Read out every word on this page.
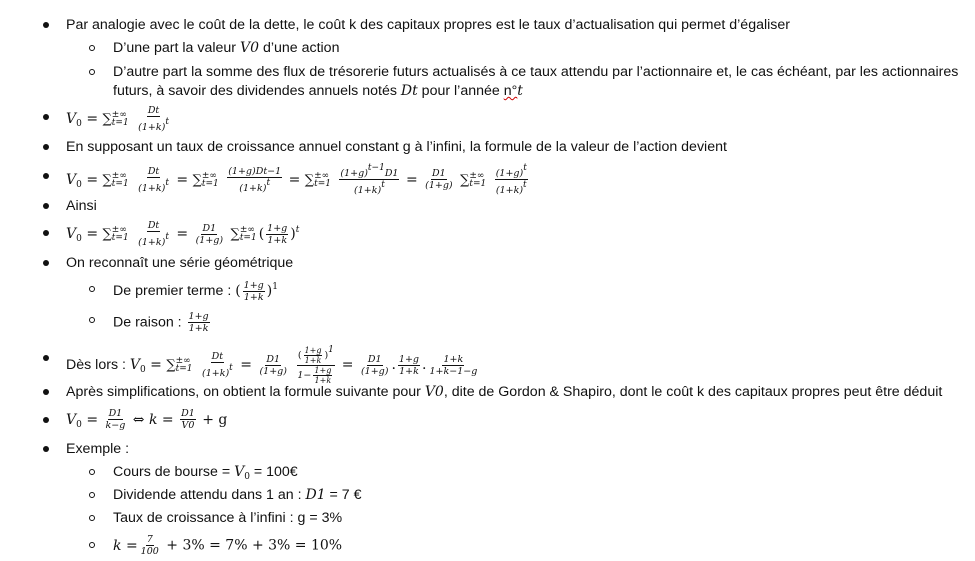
Par analogie avec le coût de la dette, le coût k des capitaux propres est le taux d’actualisation qui permet d’égaliser
D’une part la valeur V0 d’une action
D’autre part la somme des flux de trésorerie futurs actualisés à ce taux attendu par l’actionnaire et, le cas échéant, par les actionnaires
futurs, à savoir des dividendes annuels notés Dt pour l’année n°t
$V_0$ = ∑ ±∞
t=1
$\frac{Dt}{(1+k)t}$
En supposant un taux de croissance annuel constant g à l’infini, la formule de la valeur de l’action devient
$V_0$ = ∑ ±∞
t=1
$\frac{Dt}{(1+k)t}$ = ∑ ±∞
t=1
$\frac{(1+g)Dt-1}{(1+k)t}$ = ∑ ±∞
t=1
$\frac{(1+g)t-1D1}{(1+k)t} = \frac{D1}{(1+g)}$ ∑ ±∞
t=1
$\frac{(1+g)t}{(1+k)t}$
Ainsi
$V_0$ = ∑ ±∞
t=1
$\frac{Dt}{(1+k)t} = \frac{D1}{(1+g)}$ ∑ ±∞
t=1 ( $\frac{1+g}{1+k} )^t$
On reconnaît une série géométrique
De premier terme : ( $\frac{1+g}{1+k} )^1$
De raison : $\frac{1+g}{1+k}$
Dès lors : $V_0$ = ∑ ±∞
t=1
$\frac{Dt}{(1+k)t} = \frac{D1}{(1+g)}$
$\frac{( \frac{1+g}{1+k} )1}{1- \frac{1+g}{1+k}} = \frac{D1}{(1+g)}$ . $\frac{1+g}{1+k}$ . $\frac{1+k}{1+k-1-g}$
Après simplifications, on obtient la formule suivante pour V0, dite de Gordon & Shapiro, dont le coût k des capitaux propres peut être déduit
$V_0 = \frac{D1}{k-g}$ ⇔ $k = \frac{D1}{V0} + g$
Exemple :
Cours de bourse = $V_0$ = 100€
Dividende attendu dans 1 an : D1 = 7 €
Taux de croissance à l’infini : g = 3%
$k = \frac{7}{100} + 3\% = 7\% + 3\% = 10\%$
